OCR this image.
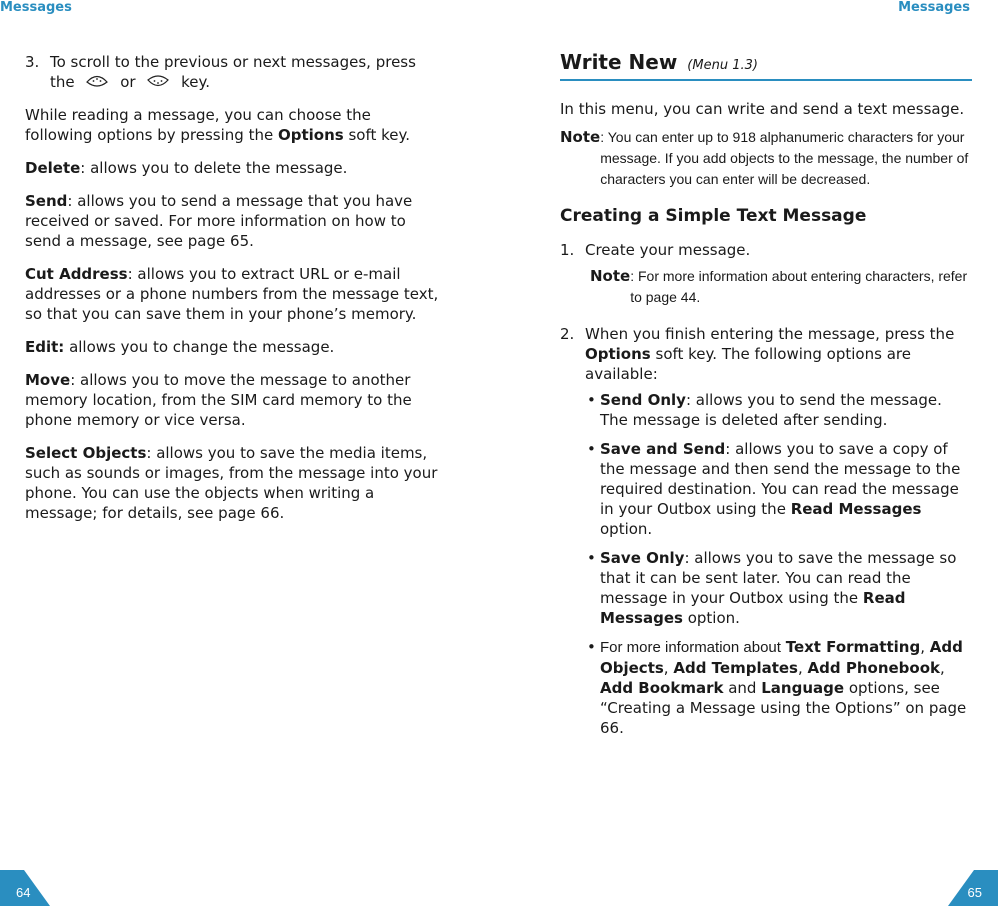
Messages	Messages
3. To scroll to the previous or next messages, press the	or	key.

While reading a message, you can choose the following options by pressing the Options soft key.

Delete: allows you to delete the message.

Send: allows you to send a message that you have received or saved. For more information on how to send a message, see page 65.

Cut Address: allows you to extract URL or e-mail addresses or a phone numbers from the message text, so that you can save them in your phone’s memory.

Edit: allows you to change the message.

Move: allows you to move the message to another memory location, from the SIM card memory to the phone memory or vice versa.

Select Objects: allows you to save the media items, such as sounds or images, from the message into your phone. You can use the objects when writing a message; for details, see page 66.

Write New (Menu 1.3)

In this menu, you can write and send a text message.

Note : You can enter up to 918 alphanumeric characters for your message. If you add objects to the message, the number of characters you can enter will be decreased.
Creating a Simple Text Message
1. Create your message.
Note : For more information about entering characters, refer to page 44.
2. When you finish entering the message, press the Options soft key. The following options are available:
• Send Only: allows you to send the message. The message is deleted after sending.
• Save and Send: allows you to save a copy of the message and then send the message to the required destination. You can read the message in your Outbox using the Read Messages option.
• Save Only: allows you to save the message so that it can be sent later. You can read the message in your Outbox using the Read Messages option.
• For more information about Text Formatting, Add Objects, Add Templates, Add Phonebook, Add Bookmark and Language options, see “Creating a Message using the Options” on page 66.
64	65
